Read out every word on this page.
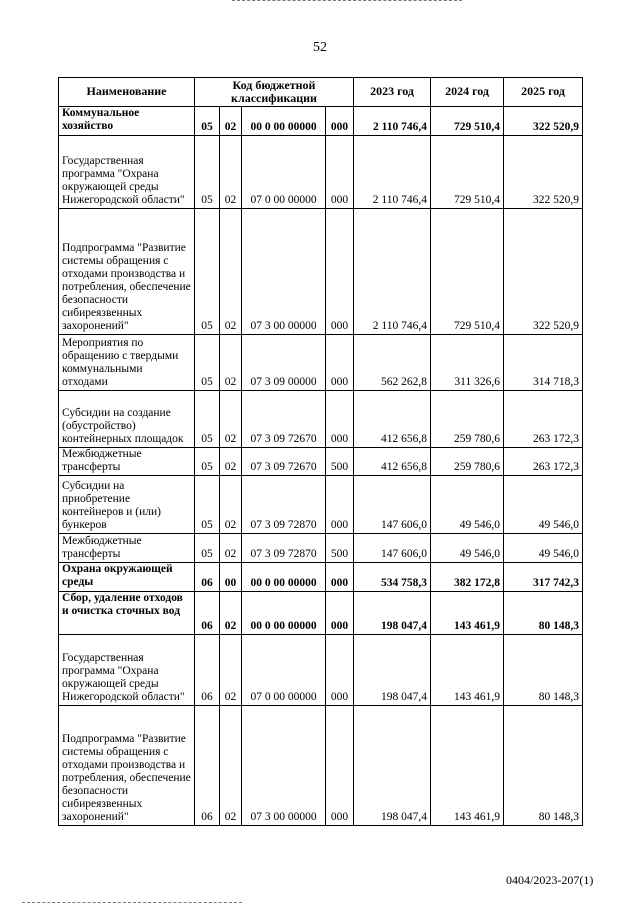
52
Наименование	Код бюджетной классификации				2023 год	2024 год	2025 год
Коммунальное хозяйство	05	02	00 0 00 00000	000	2 110 746,4	729 510,4	322 520,9
Государственная программа "Охрана окружающей среды Нижегородской области"	05	02	07 0 00 00000	000	2 110 746,4	729 510,4	322 520,9
Подпрограмма "Развитие системы обращения с отходами производства и потребления, обеспечение безопасности сибиреязвенных захоронений"	05	02	07 3 00 00000	000	2 110 746,4	729 510,4	322 520,9
Мероприятия по обращению с твердыми коммунальными отходами	05	02	07 3 09 00000	000	562 262,8	311 326,6	314 718,3
Субсидии на создание (обустройство) контейнерных площадок	05	02	07 3 09 72670	000	412 656,8	259 780,6	263 172,3
Межбюджетные трансферты	05	02	07 3 09 72670	500	412 656,8	259 780,6	263 172,3
Субсидии на приобретение контейнеров и (или) бункеров	05	02	07 3 09 72870	000	147 606,0	49 546,0	49 546,0
Межбюджетные трансферты	05	02	07 3 09 72870	500	147 606,0	49 546,0	49 546,0
Охрана окружающей среды	06	00	00 0 00 00000	000	534 758,3	382 172,8	317 742,3
Сбор, удаление отходов и очистка сточных вод	06	02	00 0 00 00000	000	198 047,4	143 461,9	80 148,3
Государственная программа "Охрана окружающей среды Нижегородской области"	06	02	07 0 00 00000	000	198 047,4	143 461,9	80 148,3
Подпрограмма "Развитие системы обращения с отходами производства и потребления, обеспечение безопасности сибиреязвенных захоронений"	06	02	07 3 00 00000	000	198 047,4	143 461,9	80 148,3
0404/2023-207(1)
